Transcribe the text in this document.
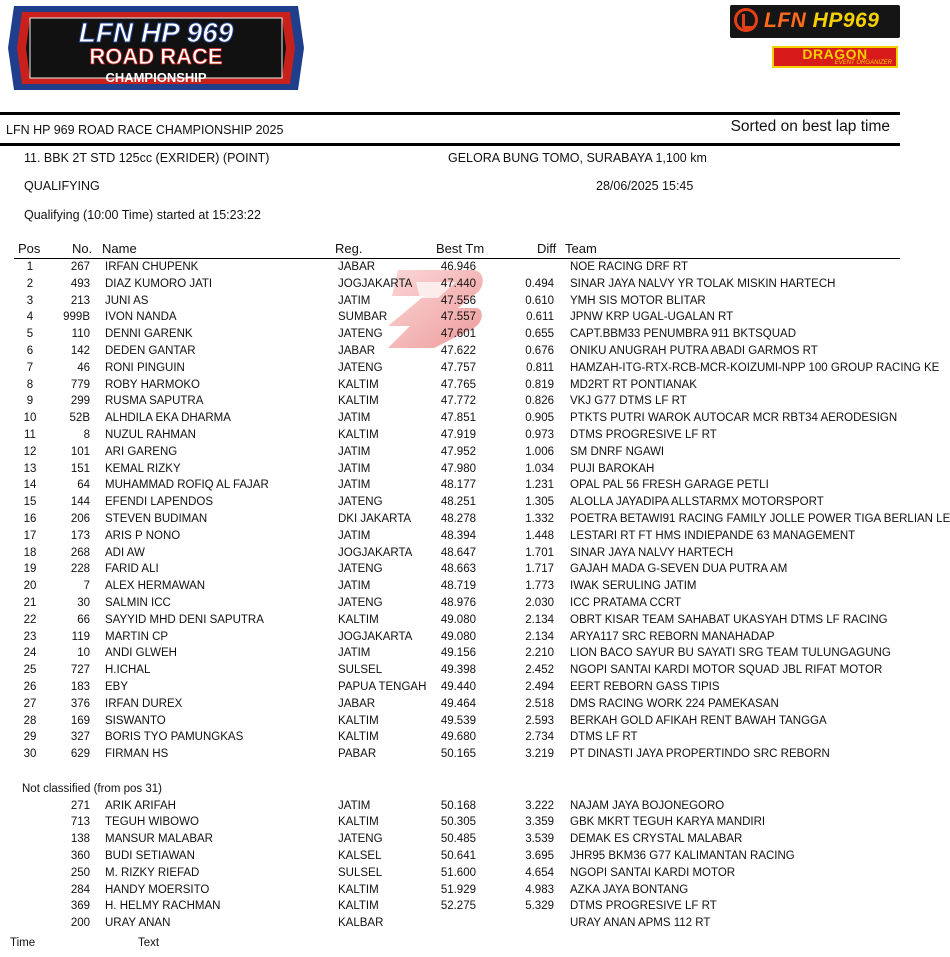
LFN HP 969
ROAD RACE
CHAMPIONSHIP
LFN HP969
DRAGON
EVENT ORGANIZER
LFN HP 969 ROAD RACE CHAMPIONSHIP 2025	Sorted on best lap time
11. BBK 2T STD 125cc (EXRIDER) (POINT)	GELORA BUNG TOMO, SURABAYA 1,100 km
QUALIFYING	28/06/2025 15:45
Qualifying (10:00 Time) started at 15:23:22
Pos No. Name	Reg.	Best Tm	Diff Team
1	267 IRFAN CHUPENK	JABAR	46.946	NOE RACING DRF RT
2	493 DIAZ KUMORO JATI	JOGJAKARTA	47.440	0.494 SINAR JAYA NALVY YR TOLAK MISKIN HARTECH
3	213 JUNI AS	JATIM	47.556	0.610 YMH SIS MOTOR BLITAR
4	999B IVON NANDA	SUMBAR	47.557	0.611 JPNW KRP UGAL-UGALAN RT
5	110 DENNI GARENK	JATENG	47.601	0.655 CAPT.BBM33 PENUMBRA 911 BKTSQUAD
6	142 DEDEN GANTAR	JABAR	47.622	0.676 ONIKU ANUGRAH PUTRA ABADI GARMOS RT
7	46 RONI PINGUIN	JATENG	47.757	0.811 HAMZAH-ITG-RTX-RCB-MCR-KOIZUMI-NPP 100 GROUP RACING KE
8	779 ROBY HARMOKO	KALTIM	47.765	0.819 MD2RT RT PONTIANAK
9	299 RUSMA SAPUTRA	KALTIM	47.772	0.826 VKJ G77 DTMS LF RT
10	52B ALHDILA EKA DHARMA	JATIM	47.851	0.905 PTKTS PUTRI WAROK AUTOCAR MCR RBT34 AERODESIGN
11	8 NUZUL RAHMAN	KALTIM	47.919	0.973 DTMS PROGRESIVE LF RT
12	101 ARI GARENG	JATIM	47.952	1.006 SM DNRF NGAWI
13	151 KEMAL RIZKY	JATIM	47.980	1.034 PUJI BAROKAH
14	64 MUHAMMAD ROFIQ AL FAJAR	JATIM	48.177	1.231 OPAL PAL 56 FRESH GARAGE PETLI
15	144 EFENDI LAPENDOS	JATENG	48.251	1.305 ALOLLA JAYADIPA ALLSTARMX MOTORSPORT
16	206 STEVEN BUDIMAN	DKI JAKARTA	48.278	1.332 POETRA BETAWI91 RACING FAMILY JOLLE POWER TIGA BERLIAN LE
17	173 ARIS P NONO	JATIM	48.394	1.448 LESTARI RT FT HMS INDIEPANDE 63 MANAGEMENT
18	268 ADI AW	JOGJAKARTA	48.647	1.701 SINAR JAYA NALVY HARTECH
19	228 FARID ALI	JATENG	48.663	1.717 GAJAH MADA G-SEVEN DUA PUTRA AM
20	7 ALEX HERMAWAN	JATIM	48.719	1.773 IWAK SERULING JATIM
21	30 SALMIN ICC	JATENG	48.976	2.030 ICC PRATAMA CCRT
22	66 SAYYID MHD DENI SAPUTRA	KALTIM	49.080	2.134 OBRT KISAR TEAM SAHABAT UKASYAH DTMS LF RACING
23	119 MARTIN CP	JOGJAKARTA	49.080	2.134 ARYA117 SRC REBORN MANAHADAP
24	10 ANDI GLWEH	JATIM	49.156	2.210 LION BACO SAYUR BU SAYATI SRG TEAM TULUNGAGUNG
25	727 H.ICHAL	SULSEL	49.398	2.452 NGOPI SANTAI KARDI MOTOR SQUAD JBL RIFAT MOTOR
26	183 EBY	PAPUA TENGAH	49.440	2.494 EERT REBORN GASS TIPIS
27	376 IRFAN DUREX	JABAR	49.464	2.518 DMS RACING WORK 224 PAMEKASAN
28	169 SISWANTO	KALTIM	49.539	2.593 BERKAH GOLD AFIKAH RENT BAWAH TANGGA
29	327 BORIS TYO PAMUNGKAS	KALTIM	49.680	2.734 DTMS LF RT
30	629 FIRMAN HS	PABAR	50.165	3.219 PT DINASTI JAYA PROPERTINDO SRC REBORN
Not classified (from pos 31)
271 ARIK ARIFAH	JATIM	50.168	3.222 NAJAM JAYA BOJONEGORO
713 TEGUH WIBOWO	KALTIM	50.305	3.359 GBK MKRT TEGUH KARYA MANDIRI
138 MANSUR MALABAR	JATENG	50.485	3.539 DEMAK ES CRYSTAL MALABAR
360 BUDI SETIAWAN	KALSEL	50.641	3.695 JHR95 BKM36 G77 KALIMANTAN RACING
250 M. RIZKY RIEFAD	SULSEL	51.600	4.654 NGOPI SANTAI KARDI MOTOR
284 HANDY MOERSITO	KALTIM	51.929	4.983 AZKA JAYA BONTANG
369 H. HELMY RACHMAN	KALTIM	52.275	5.329 DTMS PROGRESIVE LF RT
200 URAY ANAN	KALBAR	URAY ANAN APMS 112 RT
Time	Text
